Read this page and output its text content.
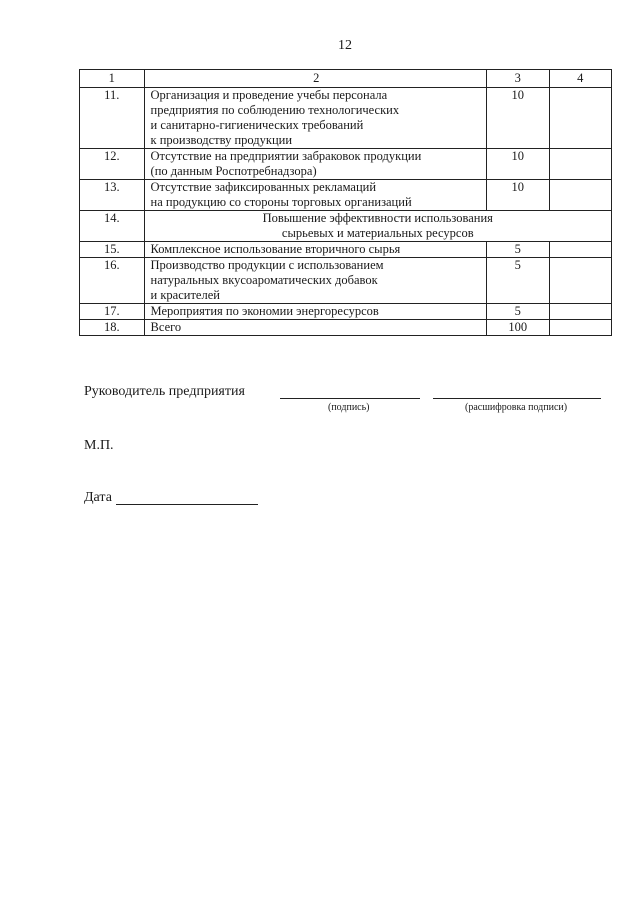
12
1	2	3	4
11.	Организация и проведение учебы персонала
предприятия по соблюдению технологических
и санитарно-гигиенических требований
к производству продукции	10	
12.	Отсутствие на предприятии забраковок продукции
(по данным Роспотребнадзора)	10	
13.	Отсутствие зафиксированных рекламаций
на продукцию со стороны торговых организаций	10	
14.	Повышение эффективности использования
сырьевых и материальных ресурсов		

15.	Комплексное использование вторичного сырья	5	
16.	Производство продукции с использованием
натуральных вкусоароматических добавок
и красителей	5	
17.	Мероприятия по экономии энергоресурсов	5	
18.	Всего	100	
Руководитель предприятия
(подпись)	(расшифровка подписи)
М.П.
Дата
